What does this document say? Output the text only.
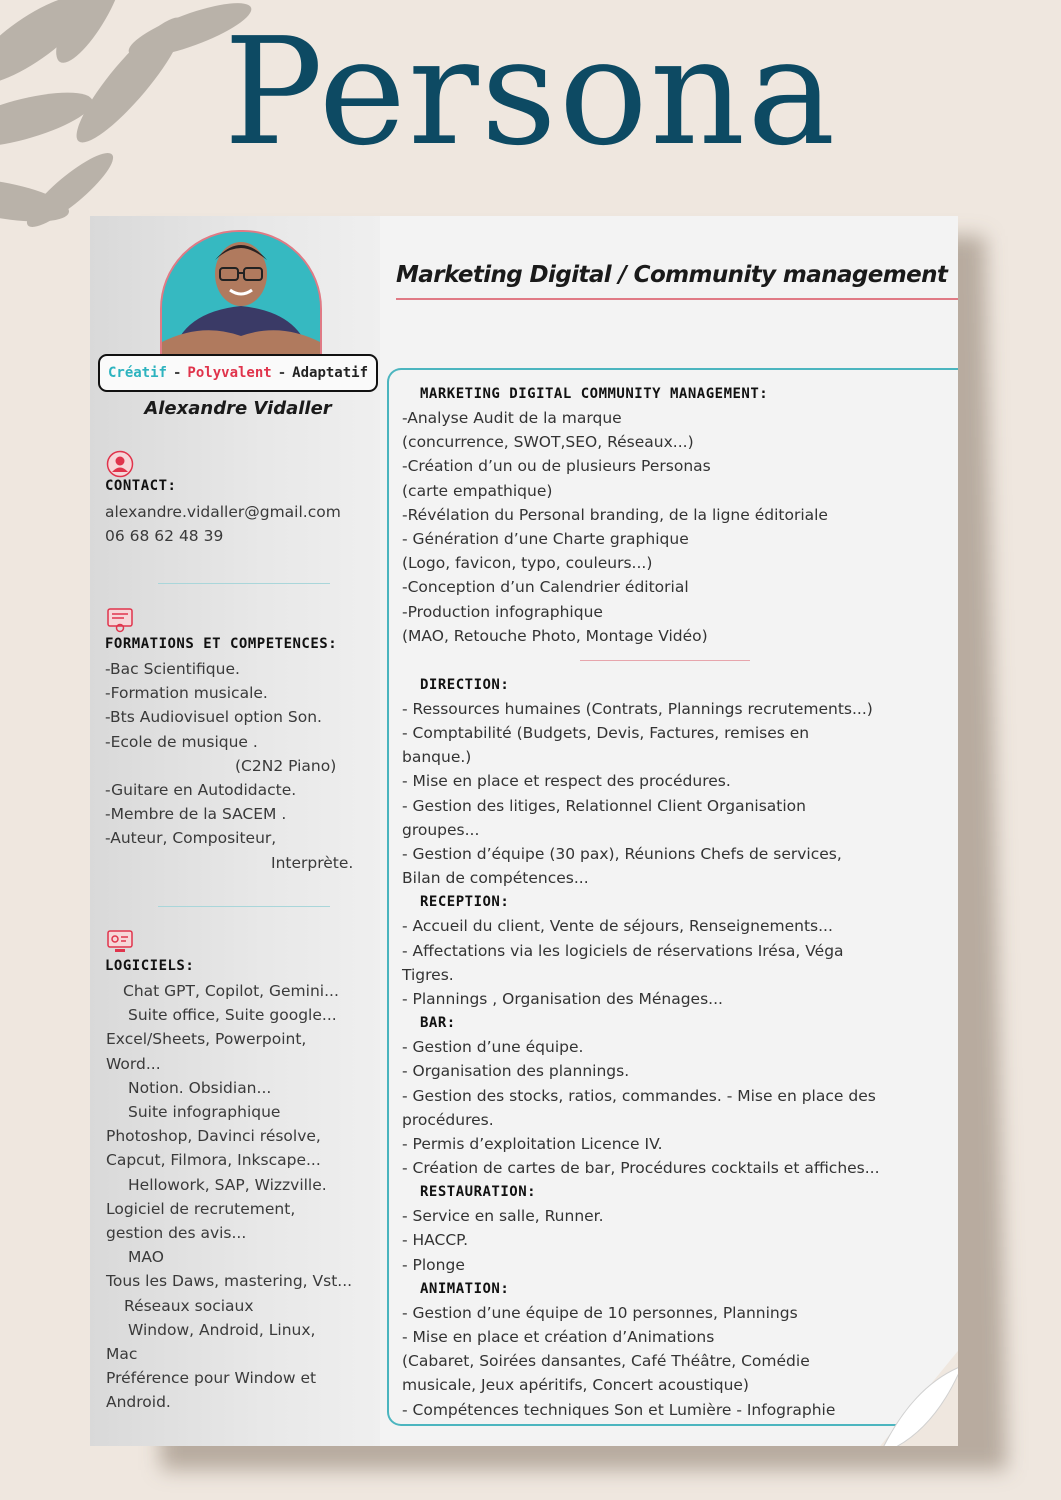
Persona
Créatif - Polyvalent - Adaptatif
Alexandre Vidaller
CONTACT:
alexandre.vidaller@gmail.com
06 68 62 48 39
FORMATIONS ET COMPETENCES:
-Bac Scientifique.
-Formation musicale.
-Bts Audiovisuel option Son.
-Ecole de musique .
(C2N2 Piano)
-Guitare en Autodidacte.
-Membre de la SACEM .
-Auteur, Compositeur,
Interprète.
LOGICIELS:
Chat GPT, Copilot, Gemini...
Suite office, Suite google...
Excel/Sheets, Powerpoint,
Word...
Notion. Obsidian...
Suite infographique
Photoshop, Davinci résolve,
Capcut, Filmora, Inkscape...
Hellowork, SAP, Wizzville.
Logiciel de recrutement,
gestion des avis...
MAO
Tous les Daws, mastering, Vst...
Réseaux sociaux
Window, Android, Linux,
Mac
Préférence pour Window et
Android.
Marketing Digital / Community management
MARKETING DIGITAL COMMUNITY MANAGEMENT:
-Analyse Audit de la marque
(concurrence, SWOT,SEO, Réseaux...)
-Création d’un ou de plusieurs Personas
(carte empathique)
-Révélation du Personal branding, de la ligne éditoriale
- Génération d’une Charte graphique
(Logo, favicon, typo, couleurs...)
-Conception d’un Calendrier éditorial
-Production infographique
(MAO, Retouche Photo, Montage Vidéo)
DIRECTION:
- Ressources humaines (Contrats, Plannings recrutements...)
- Comptabilité (Budgets, Devis, Factures, remises en
banque.)
- Mise en place et respect des procédures.
- Gestion des litiges, Relationnel Client Organisation
groupes...
- Gestion d’équipe (30 pax), Réunions Chefs de services,
Bilan de compétences...
RECEPTION:
- Accueil du client, Vente de séjours, Renseignements...
- Affectations via les logiciels de réservations Irésa, Véga
Tigres.
- Plannings , Organisation des Ménages...
BAR:
- Gestion d’une équipe.
- Organisation des plannings.
- Gestion des stocks, ratios, commandes. - Mise en place des
procédures.
- Permis d’exploitation Licence IV.
- Création de cartes de bar, Procédures cocktails et affiches...
RESTAURATION:
- Service en salle, Runner.
- HACCP.
- Plonge
ANIMATION:
- Gestion d’une équipe de 10 personnes, Plannings
- Mise en place et création d’Animations
(Cabaret, Soirées dansantes, Café Théâtre, Comédie
musicale, Jeux apéritifs, Concert acoustique)
- Compétences techniques Son et Lumière - Infographie
